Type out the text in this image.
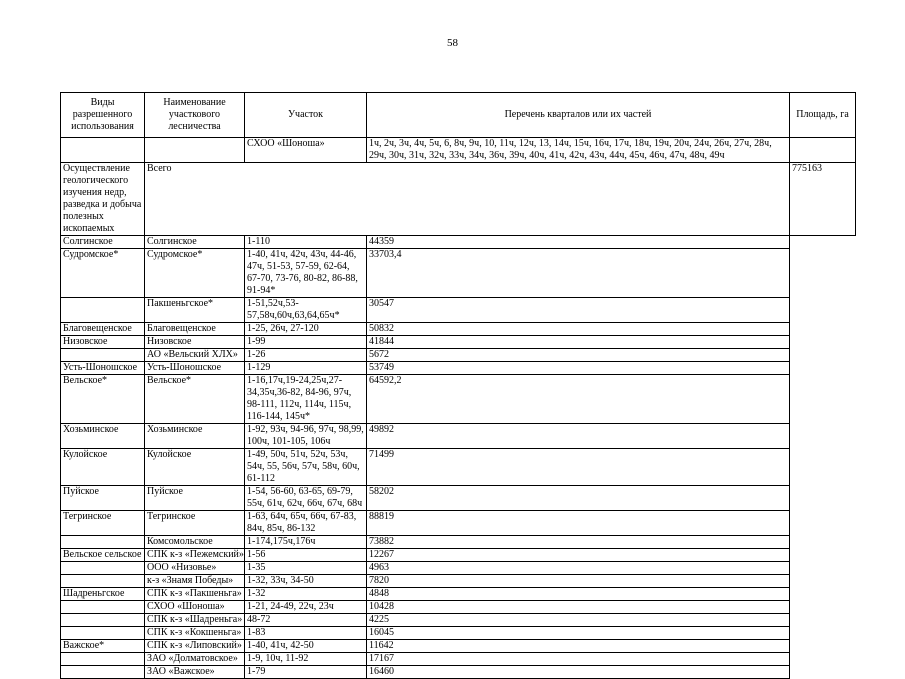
58
Виды разрешенного использования	Наименование участкового лесничества	Участок	Перечень кварталов или их частей	Площадь, га
		СХОО «Шоноша»	1ч, 2ч, 3ч, 4ч, 5ч, 6, 8ч, 9ч, 10, 11ч, 12ч, 13, 14ч, 15ч, 16ч, 17ч, 18ч, 19ч, 20ч, 24ч, 26ч, 27ч, 28ч, 29ч, 30ч, 31ч, 32ч, 33ч, 34ч, 36ч, 39ч, 40ч, 41ч, 42ч, 43ч, 44ч, 45ч, 46ч, 47ч, 48ч, 49ч	
Осуществление геологического изучения недр, разведка и добыча полезных ископаемых	Всего			775163
Солгинское	Солгинское	1-110	44359	
Судромское*	Судромское*	1-40, 41ч, 42ч, 43ч, 44-46, 47ч, 51-53, 57-59, 62-64, 67-70, 73-76, 80-82, 86-88, 91-94*	33703,4	
	Пакшеньгское*	1-51,52ч,53-57,58ч,60ч,63,64,65ч*	30547	
Благовещенское	Благовещенское	1-25, 26ч, 27-120	50832	
Низовское	Низовское	1-99	41844	
	АО «Вельский ХЛХ»	1-26	5672	
Усть-Шоношское	Усть-Шоношское	1-129	53749	
Вельское*	Вельское*	1-16,17ч,19-24,25ч,27-34,35ч,36-82, 84-96, 97ч, 98-111, 112ч, 114ч, 115ч, 116-144, 145ч*	64592,2	
Хозьминское	Хозьминское	1-92, 93ч, 94-96, 97ч, 98,99, 100ч, 101-105, 106ч	49892	
Кулойское	Кулойское	1-49, 50ч, 51ч, 52ч, 53ч, 54ч, 55, 56ч, 57ч, 58ч, 60ч, 61-112	71499	
Пуйское	Пуйское	1-54, 56-60, 63-65, 69-79, 55ч, 61ч, 62ч, 66ч, 67ч, 68ч	58202	
Тегринское	Тегринское	1-63, 64ч, 65ч, 66ч, 67-83, 84ч, 85ч, 86-132	88819	
	Комсомольское	1-174,175ч,176ч	73882	
Вельское сельское	СПК к-з «Пежемский»	1-56	12267	
	ООО «Низовье»	1-35	4963	
	к-з «Знамя Победы»	1-32, 33ч, 34-50	7820	
Шадреньгское	СПК к-з «Пакшеньга»	1-32	4848	
	СХОО «Шоноша»	1-21, 24-49, 22ч, 23ч	10428	
	СПК к-з «Шадреньга»	48-72	4225	
	СПК к-з «Кокшеньга»	1-83	16045	
Важское*	СПК к-з «Липовский»	1-40, 41ч, 42-50	11642	
	ЗАО «Долматовское»	1-9, 10ч, 11-92	17167	
	ЗАО «Важское»	1-79	16460	
